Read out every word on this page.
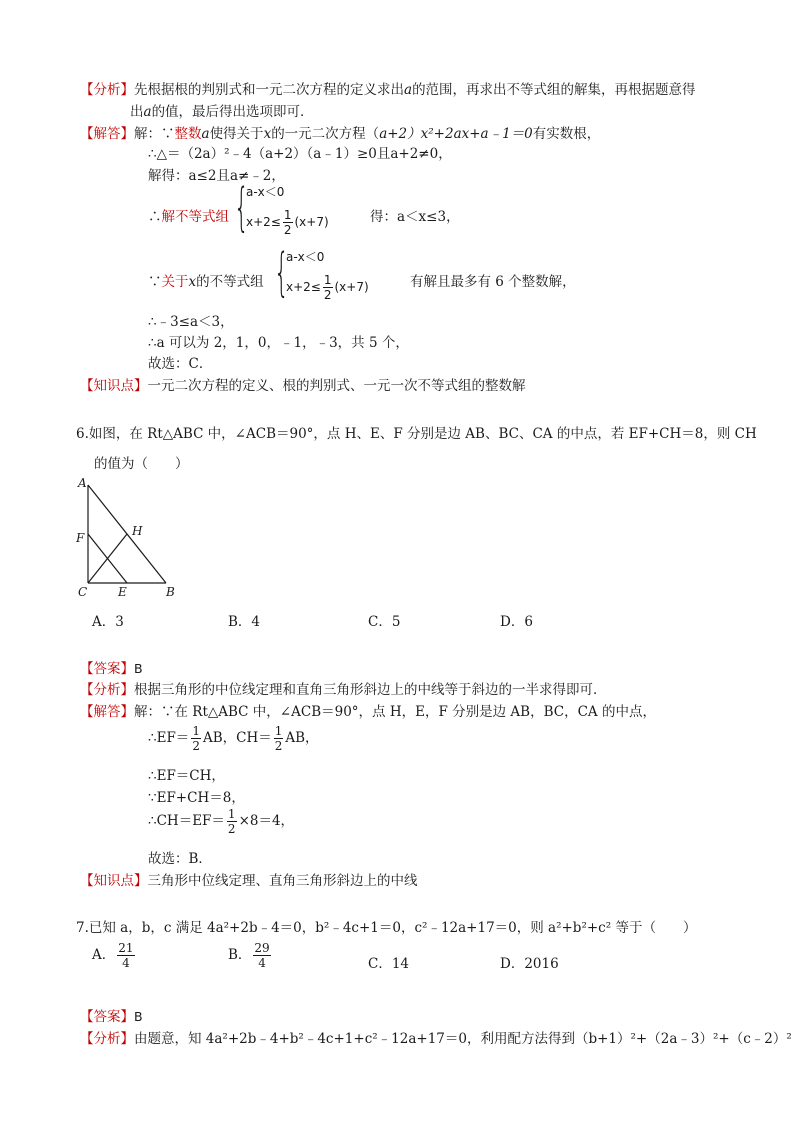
【分析】先根据根的判别式和一元二次方程的定义求出a的范围，再求出不等式组的解集，再根据题意得
出a的值，最后得出选项即可．
【解答】解：∵整数a使得关于x的一元二次方程（a+2）x²+2ax+a﹣1＝0有实数根，
∴△＝（2a）²﹣4（a+2）（a﹣1）≥0且a+2≠0，
解得：a≤2且a≠﹣2，
∴解不等式组 {
a-x＜0
$x+2\le \frac{1}{2} (x+7)$	得：a＜x≤3，
∵关于x的不等式组 {
a-x＜0
$x+2\le \frac{1}{2} (x+7)$	有解且最多有 6 个整数解，
∴﹣3≤a＜3，
∴a 可以为 2，1，0，﹣1，﹣3，共 5 个，
故选：C．
【知识点】一元二次方程的定义、根的判别式、一元一次不等式组的整数解
6.如图，在 Rt△ABC 中，∠ACB＝90°，点 H、E、F 分别是边 AB、BC、CA 的中点，若 EF+CH＝8，则 CH
的值为（　　）
A
B
C	E
F	H
A．3	B．4	C．5	D．6
【答案】B
【分析】根据三角形的中位线定理和直角三角形斜边上的中线等于斜边的一半求得即可．
【解答】解：∵在 Rt△ABC 中，∠ACB＝90°，点 H，E，F 分别是边 AB，BC，CA 的中点，
∴EF＝ $\frac{1}{2}$ AB，$CH= \frac{1}{2}$ AB，
∴EF＝CH，
∵EF+CH＝8，
∴CH＝EF＝ $\frac{1}{2} \times 8=4$，
故选：B．
【知识点】三角形中位线定理、直角三角形斜边上的中线
7.已知 a，b，c 满足 4a²+2b﹣4＝0，b²﹣4c+1＝0，c²﹣12a+17＝0，则 a²+b²+c² 等于（　　）
A． $\frac{21}{4}$	B． $\frac{29}{4}$	C．14	D．2016
【答案】B
【分析】由题意，知 4a²+2b﹣4+b²﹣4c+1+c²﹣12a+17＝0，利用配方法得到（b+1）²+（2a﹣3）²+（c﹣2）²
